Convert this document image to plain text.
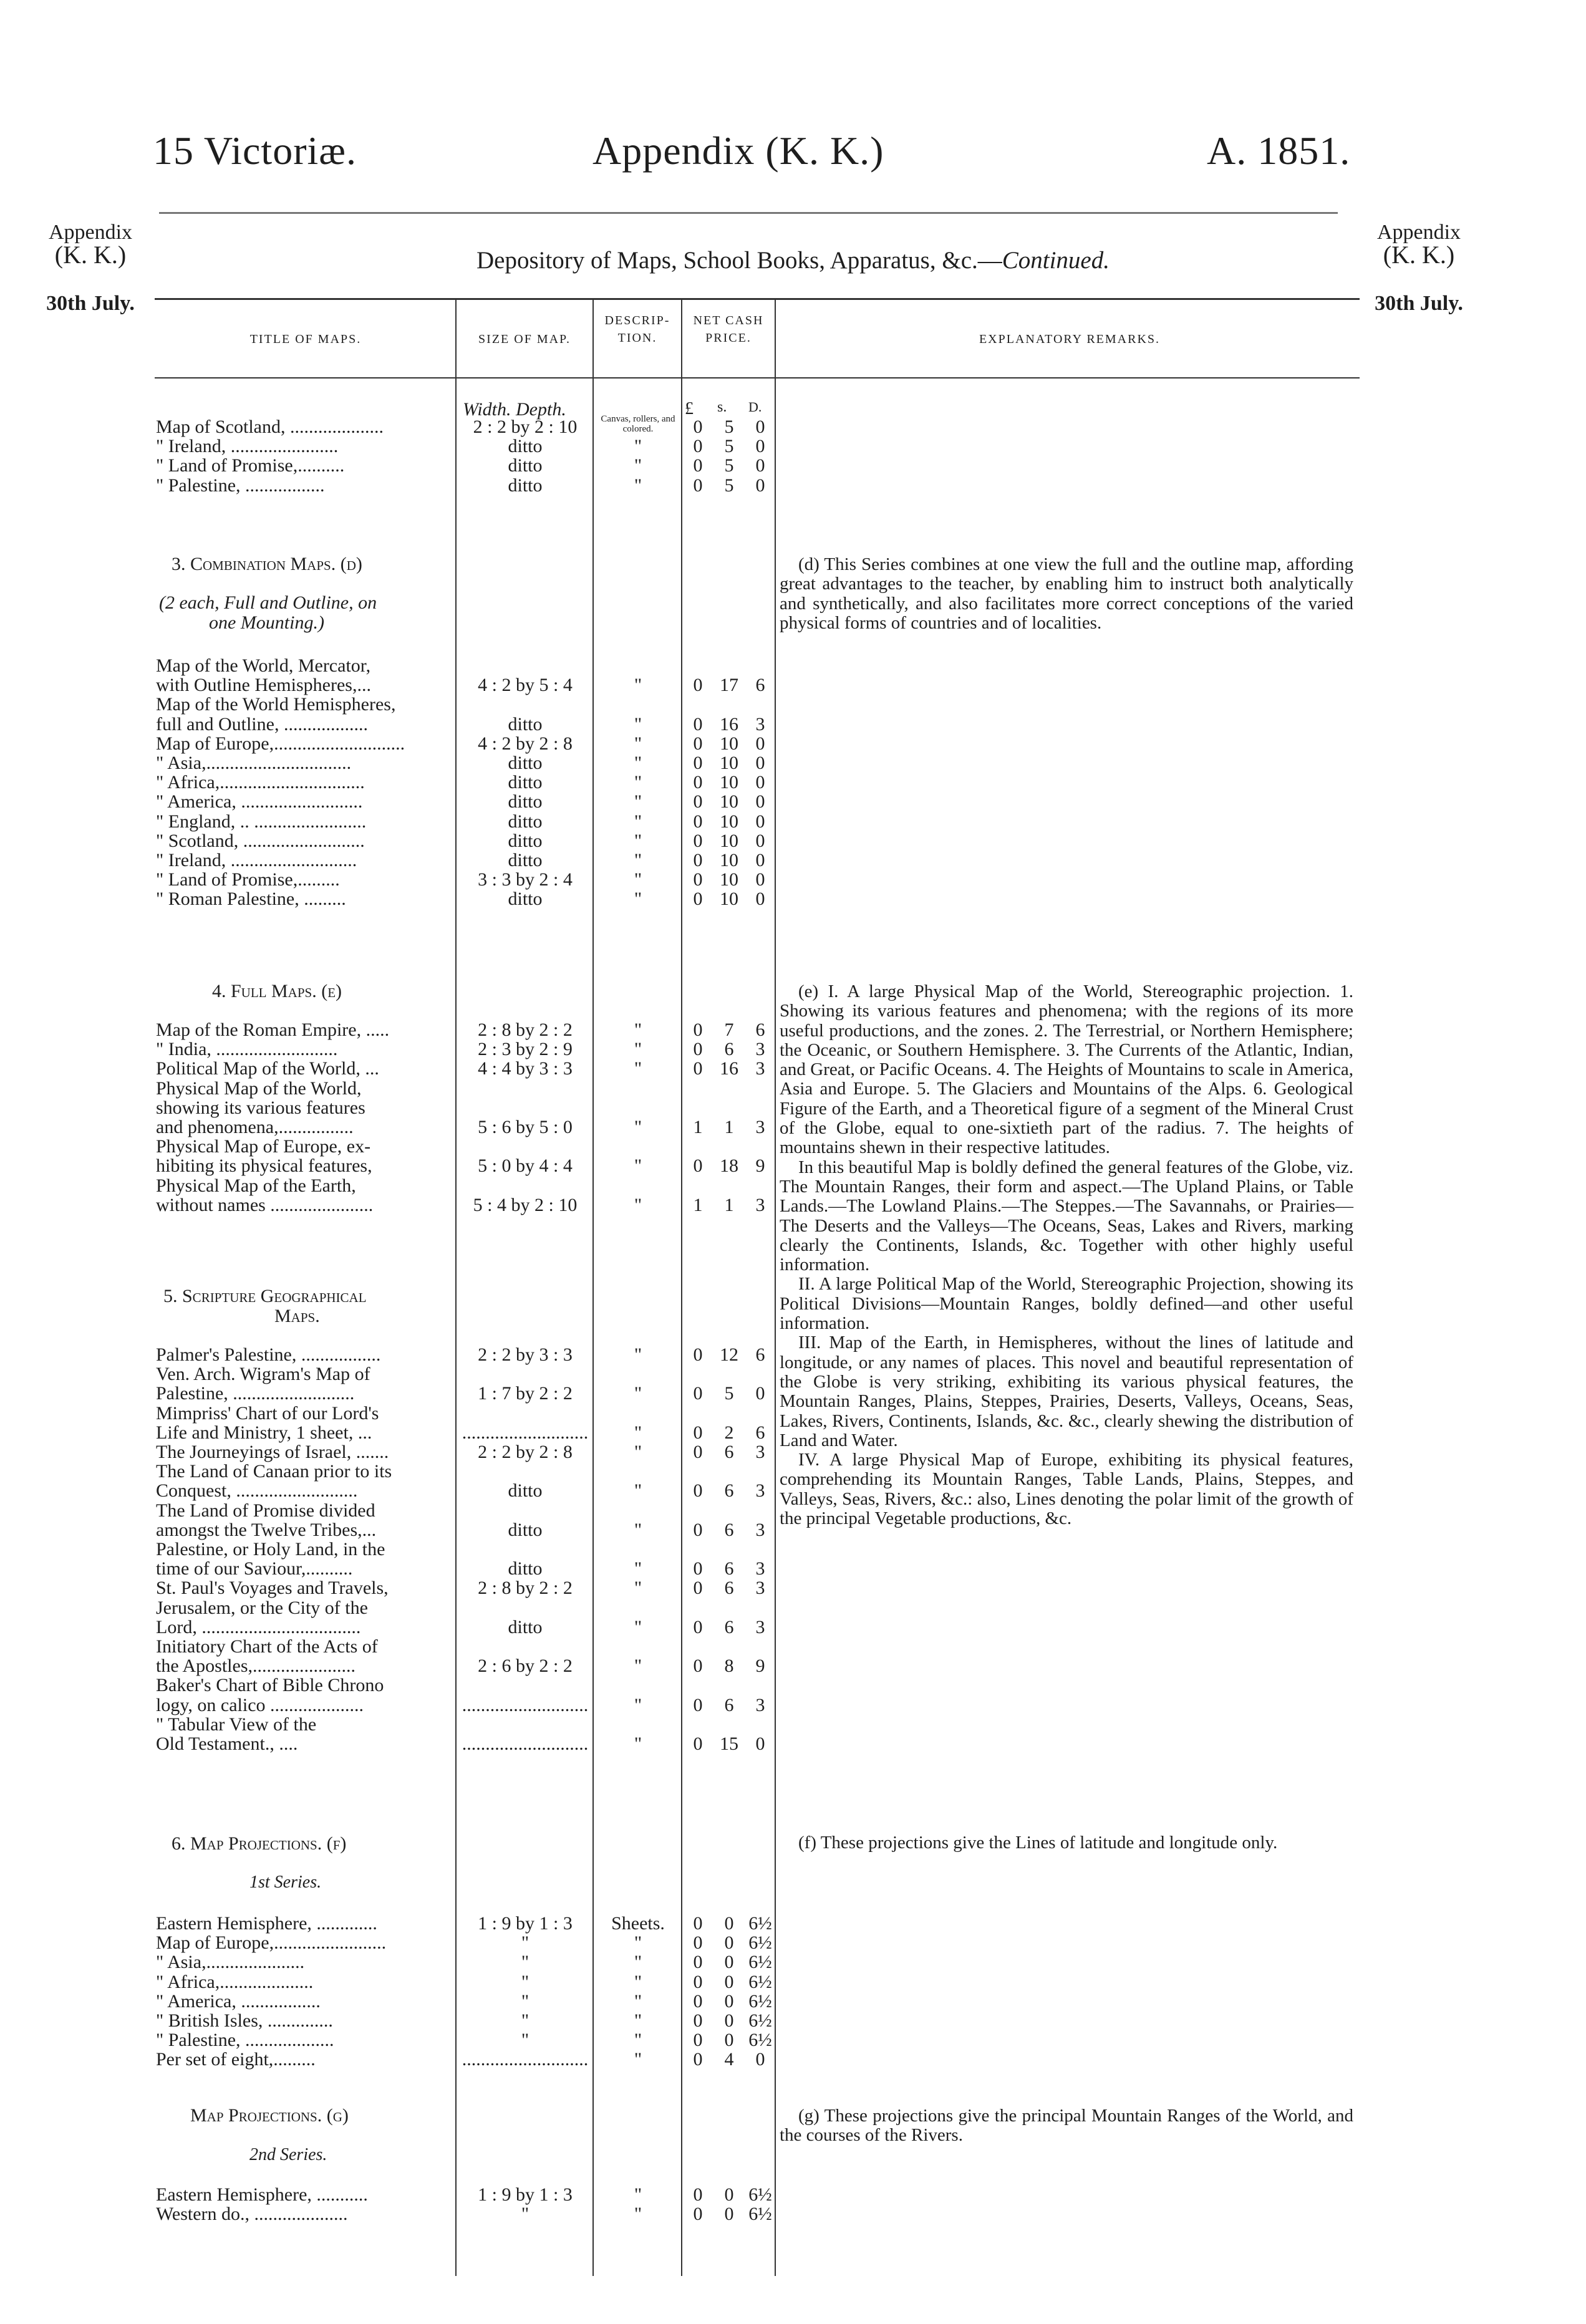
15 Victoriæ.	Appendix (K. K.)	A. 1851.
Appendix
(K. K.)
30th July.
Appendix
(K. K.)
30th July.
Depository of Maps, School Books, Apparatus, &c.—Continued.
TITLE OF MAPS.	SIZE OF MAP.
DESCRIP- TION.
NET CASH PRICE.	EXPLANATORY REMARKS.
Width. Depth.	£ s. D.
Map of Scotland, ....................	2 : 2 by 2 : 10	Canvas, rollers, and colored.	0 5 0
" Ireland, .......................	ditto	"	0 5 0
" Land of Promise,..........	ditto	"	0 5 0
" Palestine, .................	ditto	"	0 5 0
3. Combination Maps. (d)
(2 each, Full and Outline, on
one Mounting.)
Map of the World, Mercator,
with Outline Hemispheres,...	4 : 2 by 5 : 4	"	0 17 6
Map of the World Hemispheres,
full and Outline, ..................	ditto	"	0 16 3
Map of Europe,............................	4 : 2 by 2 : 8	"	0 10 0
" Asia,...............................	ditto	"	0 10 0
" Africa,...............................	ditto	"	0 10 0
" America, ..........................	ditto	"	0 10 0
" England, .. ........................	ditto	"	0 10 0
" Scotland, ..........................	ditto	"	0 10 0
" Ireland, ...........................	ditto	"	0 10 0
" Land of Promise,.........	3 : 3 by 2 : 4	"	0 10 0
" Roman Palestine, .........	ditto	"	0 10 0
4. Full Maps. (e)
Map of the Roman Empire, .....	2 : 8 by 2 : 2	"	0 7 6
" India, ..........................	2 : 3 by 2 : 9	"	0 6 3
Political Map of the World, ...	4 : 4 by 3 : 3	"	0 16 3
Physical Map of the World,
showing its various features
and phenomena,................	5 : 6 by 5 : 0	"	1 1 3
Physical Map of Europe, ex-
hibiting its physical features,	5 : 0 by 4 : 4	"	0 18 9
Physical Map of the Earth,
without names ......................	5 : 4 by 2 : 10	"	1 1 3
5. Scripture Geographical
Maps.
Palmer's Palestine, .................	2 : 2 by 3 : 3	"	0 12 6
Ven. Arch. Wigram's Map of
Palestine, ..........................	1 : 7 by 2 : 2	"	0 5 0
Mimpriss' Chart of our Lord's
Life and Ministry, 1 sheet, ...	...........................	"	0 2 6
The Journeyings of Israel, .......	2 : 2 by 2 : 8	"	0 6 3
The Land of Canaan prior to its
Conquest, ..........................	ditto	"	0 6 3
The Land of Promise divided
amongst the Twelve Tribes,...	ditto	"	0 6 3
Palestine, or Holy Land, in the
time of our Saviour,..........	ditto	"	0 6 3
St. Paul's Voyages and Travels,	2 : 8 by 2 : 2	"	0 6 3
Jerusalem, or the City of the
Lord, ..................................	ditto	"	0 6 3
Initiatory Chart of the Acts of
the Apostles,......................	2 : 6 by 2 : 2	"	0 8 9
Baker's Chart of Bible Chrono
logy, on calico ....................	...........................	"	0 6 3
" Tabular View of the
Old Testament., ....	...........................	"	0 15 0
6. Map Projections. (f)
1st Series.
Eastern Hemisphere, .............	1 : 9 by 1 : 3	Sheets.	0 0 6½
Map of Europe,........................	"	"	0 0 6½
" Asia,.....................	"	"	0 0 6½
" Africa,....................	"	"	0 0 6½
" America, .................	"	"	0 0 6½
" British Isles, ..............	"	"	0 0 6½
" Palestine, ...................	"	"	0 0 6½
Per set of eight,.........	...........................	"	0 4 0
Map Projections. (g)
2nd Series.
Eastern Hemisphere, ...........	1 : 9 by 1 : 3	"	0 0 6½
Western do., ....................	"	"	0 0 6½

(d) This Series combines at one view the full and the outline map, affording great advantages to the teacher, by enabling him to instruct both analytically and synthetically, and also facilitates more correct conceptions of the varied physical forms of countries and of localities.

(e) I. A large Physical Map of the World, Stereographic projection. 1. Showing its various features and phenomena; with the regions of its more useful productions, and the zones. 2. The Terrestrial, or Northern Hemisphere; the Oceanic, or Southern Hemisphere. 3. The Currents of the Atlantic, Indian, and Great, or Pacific Oceans. 4. The Heights of Mountains to scale in America, Asia and Europe. 5. The Glaciers and Mountains of the Alps. 6. Geological Figure of the Earth, and a Theoretical figure of a segment of the Mineral Crust of the Globe, equal to one-sixtieth part of the radius. 7. The heights of mountains shewn in their respective latitudes.

In this beautiful Map is boldly defined the general features of the Globe, viz. The Mountain Ranges, their form and aspect.—The Upland Plains, or Table Lands.—The Lowland Plains.—The Steppes.—The Savannahs, or Prairies—The Deserts and the Valleys—The Oceans, Seas, Lakes and Rivers, marking clearly the Continents, Islands, &c. Together with other highly useful information.

II. A large Political Map of the World, Stereographic Projection, showing its Political Divisions—Mountain Ranges, boldly defined—and other useful information.

III. Map of the Earth, in Hemispheres, without the lines of latitude and longitude, or any names of places. This novel and beautiful representation of the Globe is very striking, exhibiting its various physical features, the Mountain Ranges, Plains, Steppes, Prairies, Deserts, Valleys, Oceans, Seas, Lakes, Rivers, Continents, Islands, &c. &c., clearly shewing the distribution of Land and Water.

IV. A large Physical Map of Europe, exhibiting its physical features, comprehending its Mountain Ranges, Table Lands, Plains, Steppes, and Valleys, Seas, Rivers, &c.: also, Lines denoting the polar limit of the growth of the principal Vegetable productions, &c.

(f) These projections give the Lines of latitude and longitude only.

(g) These projections give the principal Mountain Ranges of the World, and the courses of the Rivers.
